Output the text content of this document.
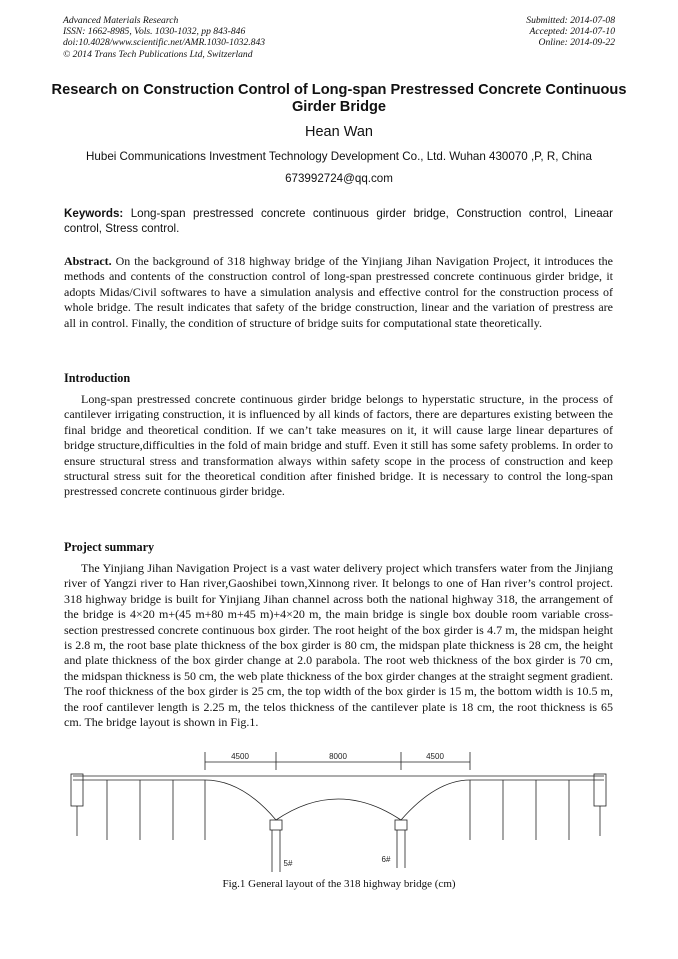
Advanced Materials Research
ISSN: 1662-8985, Vols. 1030-1032, pp 843-846
doi:10.4028/www.scientific.net/AMR.1030-1032.843
© 2014 Trans Tech Publications Ltd, Switzerland
Submitted: 2014-07-08
Accepted: 2014-07-10
Online: 2014-09-22
Research on Construction Control of Long-span Prestressed Concrete Continuous Girder Bridge
Hean Wan
Hubei Communications Investment Technology Development Co., Ltd. Wuhan 430070 ,P, R, China
673992724@qq.com
Keywords: Long-span prestressed concrete continuous girder bridge, Construction control, Lineaar control, Stress control.
Abstract. On the background of 318 highway bridge of the Yinjiang Jihan Navigation Project, it introduces the methods and contents of the construction control of long-span prestressed concrete continuous girder bridge, it adopts Midas/Civil softwares to have a simulation analysis and effective control for the construction process of whole bridge. The result indicates that safety of the bridge construction, linear and the variation of prestress are all in control. Finally, the condition of structure of bridge suits for computational state theoretically.
Introduction
Long-span prestressed concrete continuous girder bridge belongs to hyperstatic structure, in the process of cantilever irrigating construction, it is influenced by all kinds of factors, there are departures existing between the final bridge and theoretical condition. If we can’t take measures on it, it will cause large linear departures of bridge structure,difficulties in the fold of main bridge and stuff. Even it still has some safety problems. In order to ensure structural stress and transformation always within safety scope in the process of construction and keep structural stress suit for the theoretical condition after finished bridge. It is necessary to control the long-span prestressed concrete continuous girder bridge.
Project summary
The Yinjiang Jihan Navigation Project is a vast water delivery project which transfers water from the Jinjiang river of Yangzi river to Han river,Gaoshibei town,Xinnong river. It belongs to one of Han river’s control project. 318 highway bridge is built for Yinjiang Jihan channel across both the national highway 318, the arrangement of the bridge is 4×20 m+(45 m+80 m+45 m)+4×20 m, the main bridge is single box double room variable cross-section prestressed concrete continuous box girder. The root height of the box girder is 4.7 m, the midspan height is 2.8 m, the root base plate thickness of the box girder is 80 cm, the midspan plate thickness is 28 cm, the height and plate thickness of the box girder change at 2.0 parabola. The root web thickness of the box girder is 70 cm, the midspan thickness is 50 cm, the web plate thickness of the box girder changes at the straight segment gradient. The roof thickness of the box girder is 25 cm, the top width of the box girder is 15 m, the bottom width is 10.5 m, the roof cantilever length is 2.25 m, the telos thickness of the cantilever plate is 18 cm, the root thickness is 65 cm. The bridge layout is shown in Fig.1.
4500	8000	4500
5#	6#
Fig.1 General layout of the 318 highway bridge (cm)
